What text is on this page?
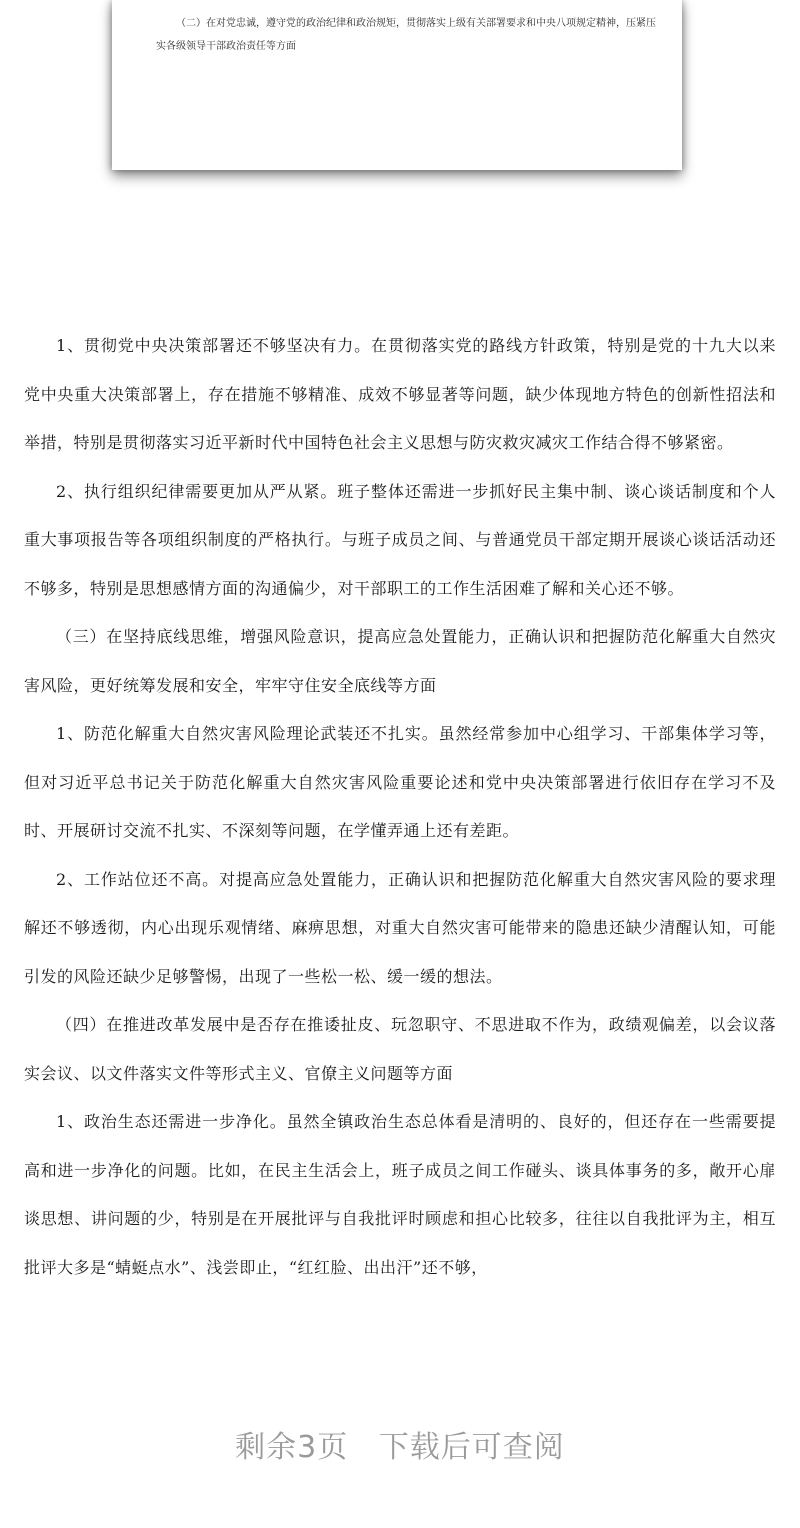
（二）在对党忠诚，遵守党的政治纪律和政治规矩，贯彻落实上级有关部署要求和中央八项规定精神，压紧压实各级领导干部政治责任等方面

1、贯彻党中央决策部署还不够坚决有力。在贯彻落实党的路线方针政策，特别是党的十九大以来党中央重大决策部署上，存在措施不够精准、成效不够显著等问题，缺少体现地方特色的创新性招法和举措，特别是贯彻落实习近平新时代中国特色社会主义思想与防灾救灾减灾工作结合得不够紧密。

2、执行组织纪律需要更加从严从紧。班子整体还需进一步抓好民主集中制、谈心谈话制度和个人重大事项报告等各项组织制度的严格执行。与班子成员之间、与普通党员干部定期开展谈心谈话活动还不够多，特别是思想感情方面的沟通偏少，对干部职工的工作生活困难了解和关心还不够。

（三）在坚持底线思维，增强风险意识，提高应急处置能力，正确认识和把握防范化解重大自然灾害风险，更好统筹发展和安全，牢牢守住安全底线等方面

1、防范化解重大自然灾害风险理论武装还不扎实。虽然经常参加中心组学习、干部集体学习等，但对习近平总书记关于防范化解重大自然灾害风险重要论述和党中央决策部署进行依旧存在学习不及时、开展研讨交流不扎实、不深刻等问题，在学懂弄通上还有差距。

2、工作站位还不高。对提高应急处置能力，正确认识和把握防范化解重大自然灾害风险的要求理解还不够透彻，内心出现乐观情绪、麻痹思想，对重大自然灾害可能带来的隐患还缺少清醒认知，可能引发的风险还缺少足够警惕，出现了一些松一松、缓一缓的想法。

（四）在推进改革发展中是否存在推诿扯皮、玩忽职守、不思进取不作为，政绩观偏差，以会议落实会议、以文件落实文件等形式主义、官僚主义问题等方面

1、政治生态还需进一步净化。虽然全镇政治生态总体看是清明的、良好的，但还存在一些需要提高和进一步净化的问题。比如，在民主生活会上，班子成员之间工作碰头、谈具体事务的多，敞开心扉谈思想、讲问题的少，特别是在开展批评与自我批评时顾虑和担心比较多，往往以自我批评为主，相互批评大多是“蜻蜓点水”、浅尝即止，“红红脸、出出汗”还不够，

剩余3页 下载后可查阅
